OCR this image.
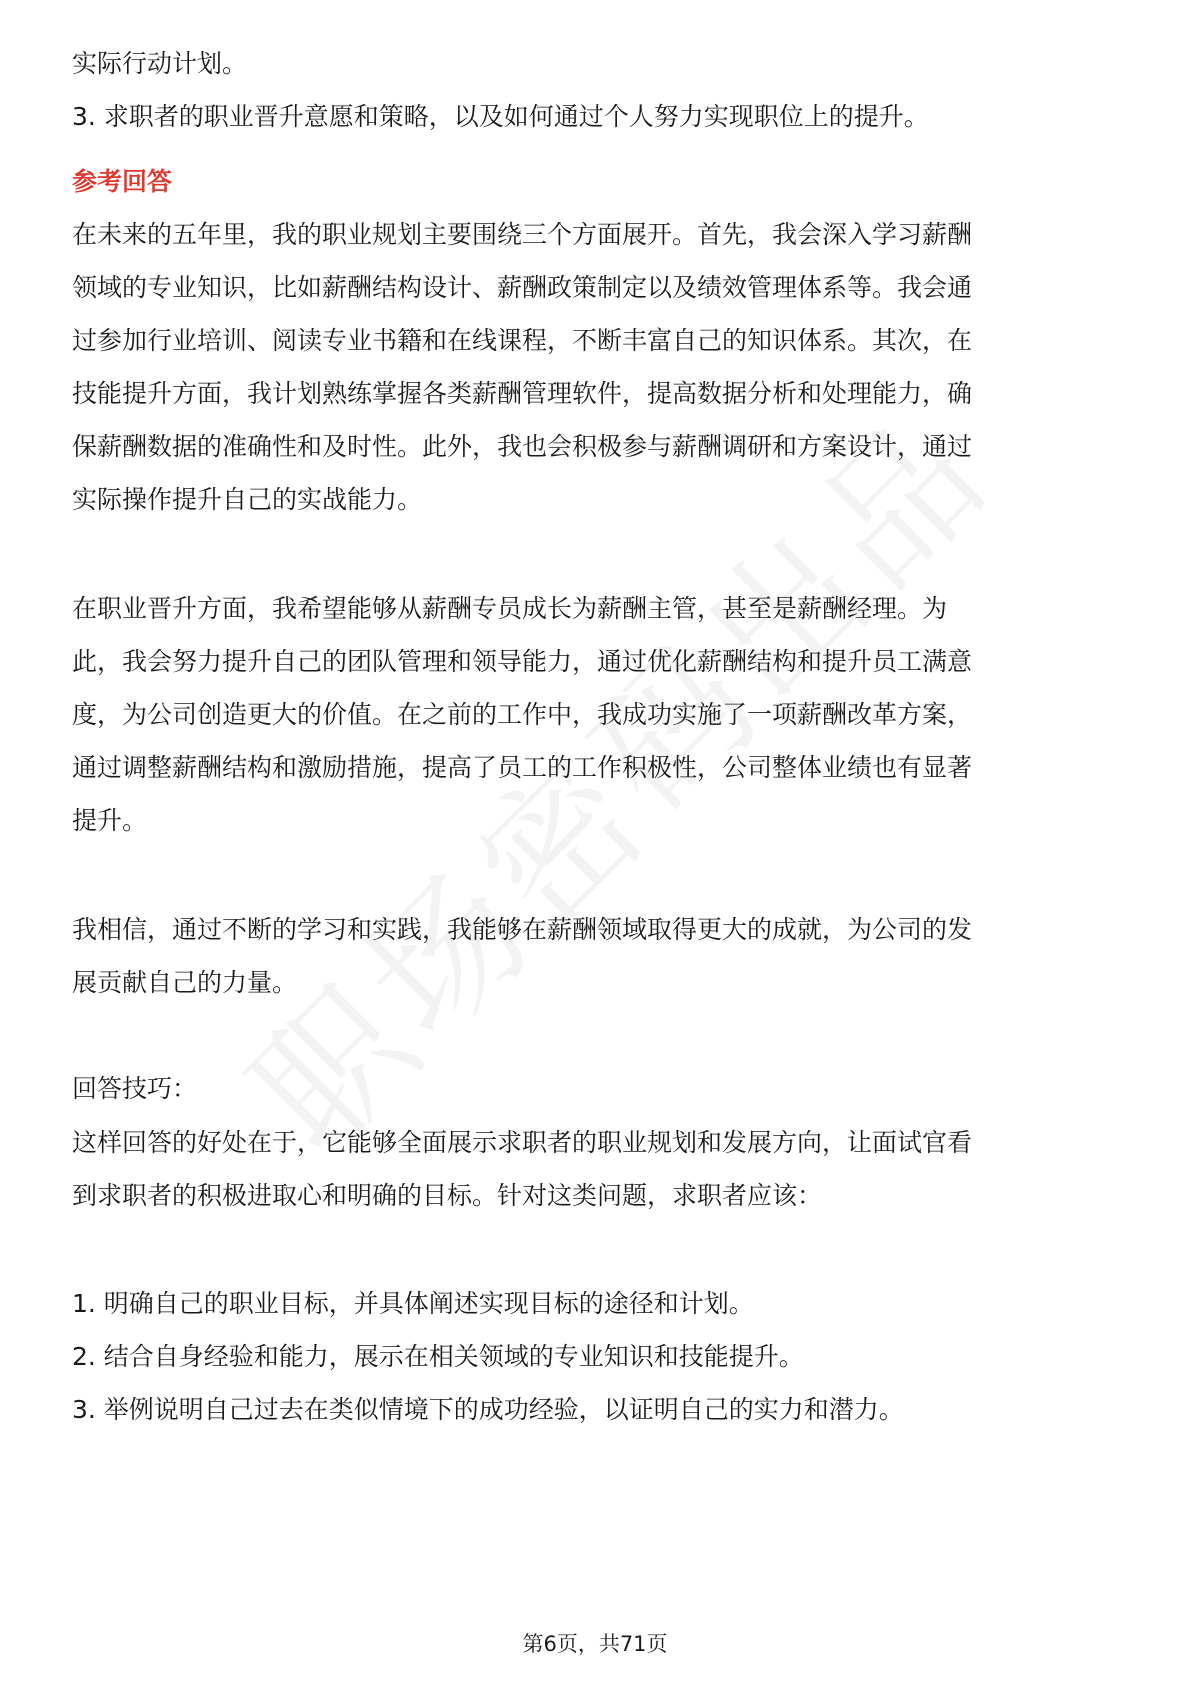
实际行动计划。
3. 求职者的职业晋升意愿和策略，以及如何通过个人努力实现职位上的提升。
参考回答
在未来的五年里，我的职业规划主要围绕三个方面展开。首先，我会深入学习薪酬
领域的专业知识，比如薪酬结构设计、薪酬政策制定以及绩效管理体系等。我会通
过参加行业培训、阅读专业书籍和在线课程，不断丰富自己的知识体系。其次，在
技能提升方面，我计划熟练掌握各类薪酬管理软件，提高数据分析和处理能力，确
保薪酬数据的准确性和及时性。此外，我也会积极参与薪酬调研和方案设计，通过
实际操作提升自己的实战能力。
在职业晋升方面，我希望能够从薪酬专员成长为薪酬主管，甚至是薪酬经理。为
此，我会努力提升自己的团队管理和领导能力，通过优化薪酬结构和提升员工满意
度，为公司创造更大的价值。在之前的工作中，我成功实施了一项薪酬改革方案，
通过调整薪酬结构和激励措施，提高了员工的工作积极性，公司整体业绩也有显著
提升。
我相信，通过不断的学习和实践，我能够在薪酬领域取得更大的成就，为公司的发
展贡献自己的力量。
回答技巧：
这样回答的好处在于，它能够全面展示求职者的职业规划和发展方向，让面试官看
到求职者的积极进取心和明确的目标。针对这类问题，求职者应该：
1. 明确自己的职业目标，并具体阐述实现目标的途径和计划。
2. 结合自身经验和能力，展示在相关领域的专业知识和技能提升。
3. 举例说明自己过去在类似情境下的成功经验，以证明自己的实力和潜力。
第6页，共71页
